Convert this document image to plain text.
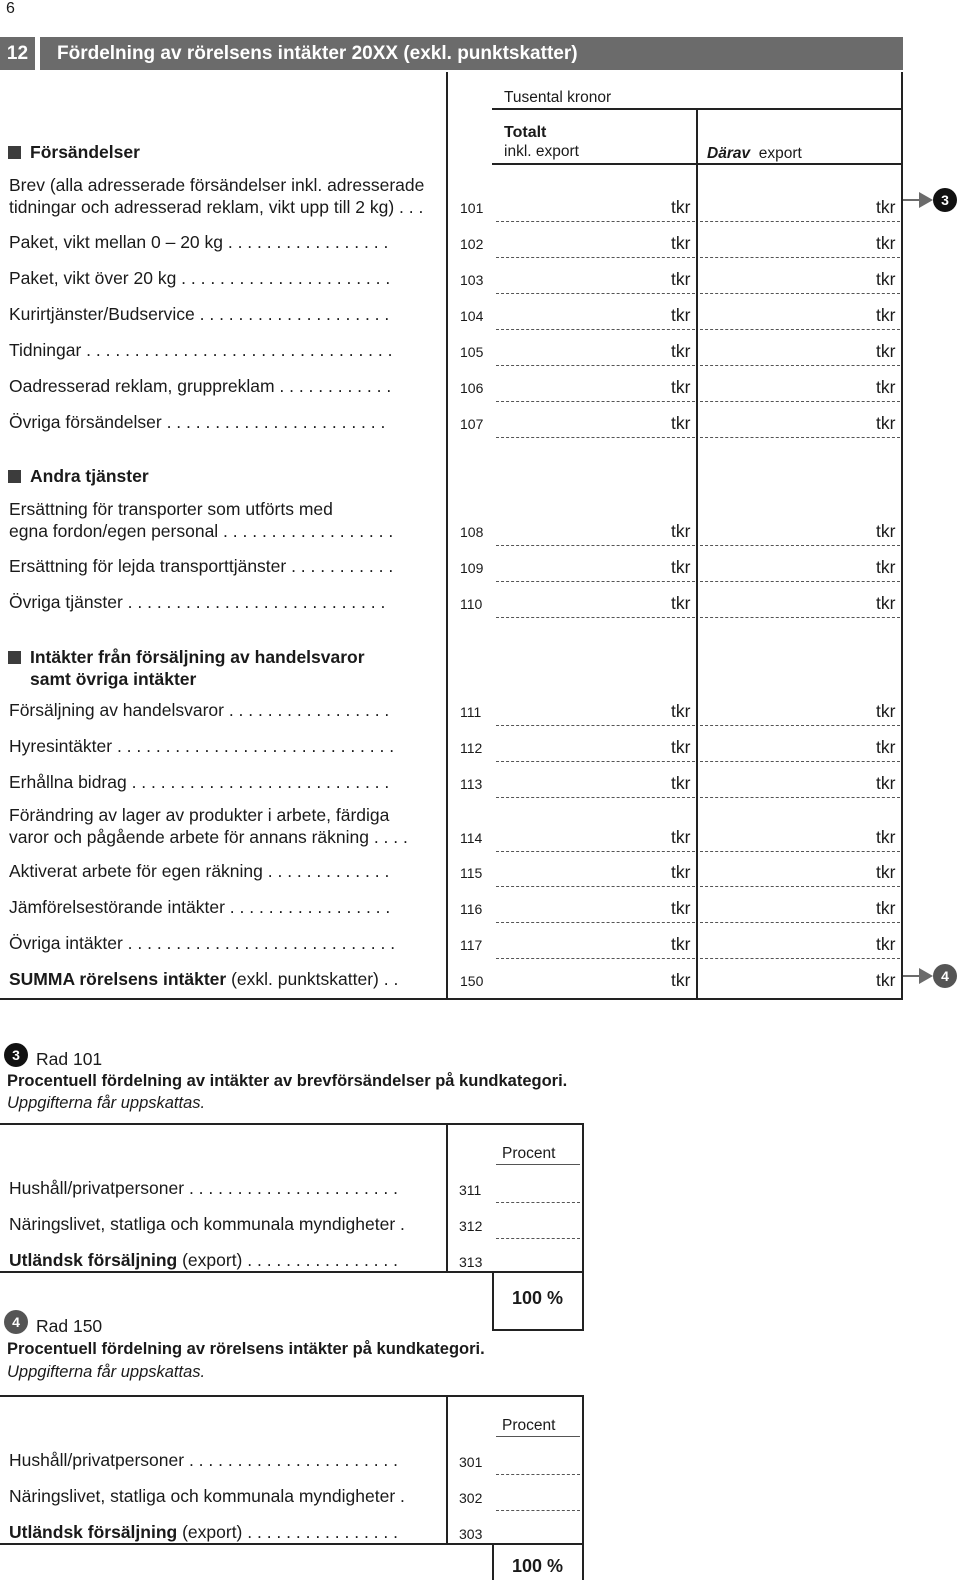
6
12	Fördelning av rörelsens intäkter 20XX (exkl. punktskatter)
Tusental kronor
Totalt
inkl. export	Därav export
Försändelser
Brev (alla adresserade försändelser inkl. adresserade
tidningar och adresserad reklam, vikt upp till 2 kg) . . .	101	tkr	tkr
Paket, vikt mellan 0 – 20 kg . . . . . . . . . . . . . . . . .	102	tkr	tkr
Paket, vikt över 20 kg . . . . . . . . . . . . . . . . . . . . . .	103	tkr	tkr
Kurirtjänster/Budservice . . . . . . . . . . . . . . . . . . . .	104	tkr	tkr
Tidningar . . . . . . . . . . . . . . . . . . . . . . . . . . . . . . . .	105	tkr	tkr
Oadresserad reklam, gruppreklam . . . . . . . . . . . .	106	tkr	tkr
Övriga försändelser . . . . . . . . . . . . . . . . . . . . . . .	107	tkr	tkr
Andra tjänster
Ersättning för transporter som utförts med
egna fordon/egen personal . . . . . . . . . . . . . . . . . .	108	tkr	tkr
Ersättning för lejda transporttjänster . . . . . . . . . . .	109	tkr	tkr
Övriga tjänster . . . . . . . . . . . . . . . . . . . . . . . . . . .	110	tkr	tkr
Intäkter från försäljning av handelsvaror
samt övriga intäkter
Försäljning av handelsvaror . . . . . . . . . . . . . . . . .	111	tkr	tkr
Hyresintäkter . . . . . . . . . . . . . . . . . . . . . . . . . . . . .	112	tkr	tkr
Erhållna bidrag . . . . . . . . . . . . . . . . . . . . . . . . . . .	113	tkr	tkr
Förändring av lager av produkter i arbete, färdiga
varor och pågående arbete för annans räkning . . . .	114	tkr	tkr
Aktiverat arbete för egen räkning . . . . . . . . . . . . .	115	tkr	tkr
Jämförelsestörande intäkter . . . . . . . . . . . . . . . . .	116	tkr	tkr
Övriga intäkter . . . . . . . . . . . . . . . . . . . . . . . . . . . .	117	tkr	tkr
SUMMA rörelsens intäkter (exkl. punktskatter) . .	150	tkr	tkr
3
4
3 Rad 101
Procentuell fördelning av intäkter av brevförsändelser på kundkategori.
Uppgifterna får uppskattas.
Procent
Hushåll/privatpersoner . . . . . . . . . . . . . . . . . . . . . .	311
Näringslivet, statliga och kommunala myndigheter .	312
Utländsk försäljning (export) . . . . . . . . . . . . . . . .	313
100 %
4 Rad 150
Procentuell fördelning av rörelsens intäkter på kundkategori.
Uppgifterna får uppskattas.
Procent
Hushåll/privatpersoner . . . . . . . . . . . . . . . . . . . . . .	301
Näringslivet, statliga och kommunala myndigheter .	302
Utländsk försäljning (export) . . . . . . . . . . . . . . . .	303
100 %
